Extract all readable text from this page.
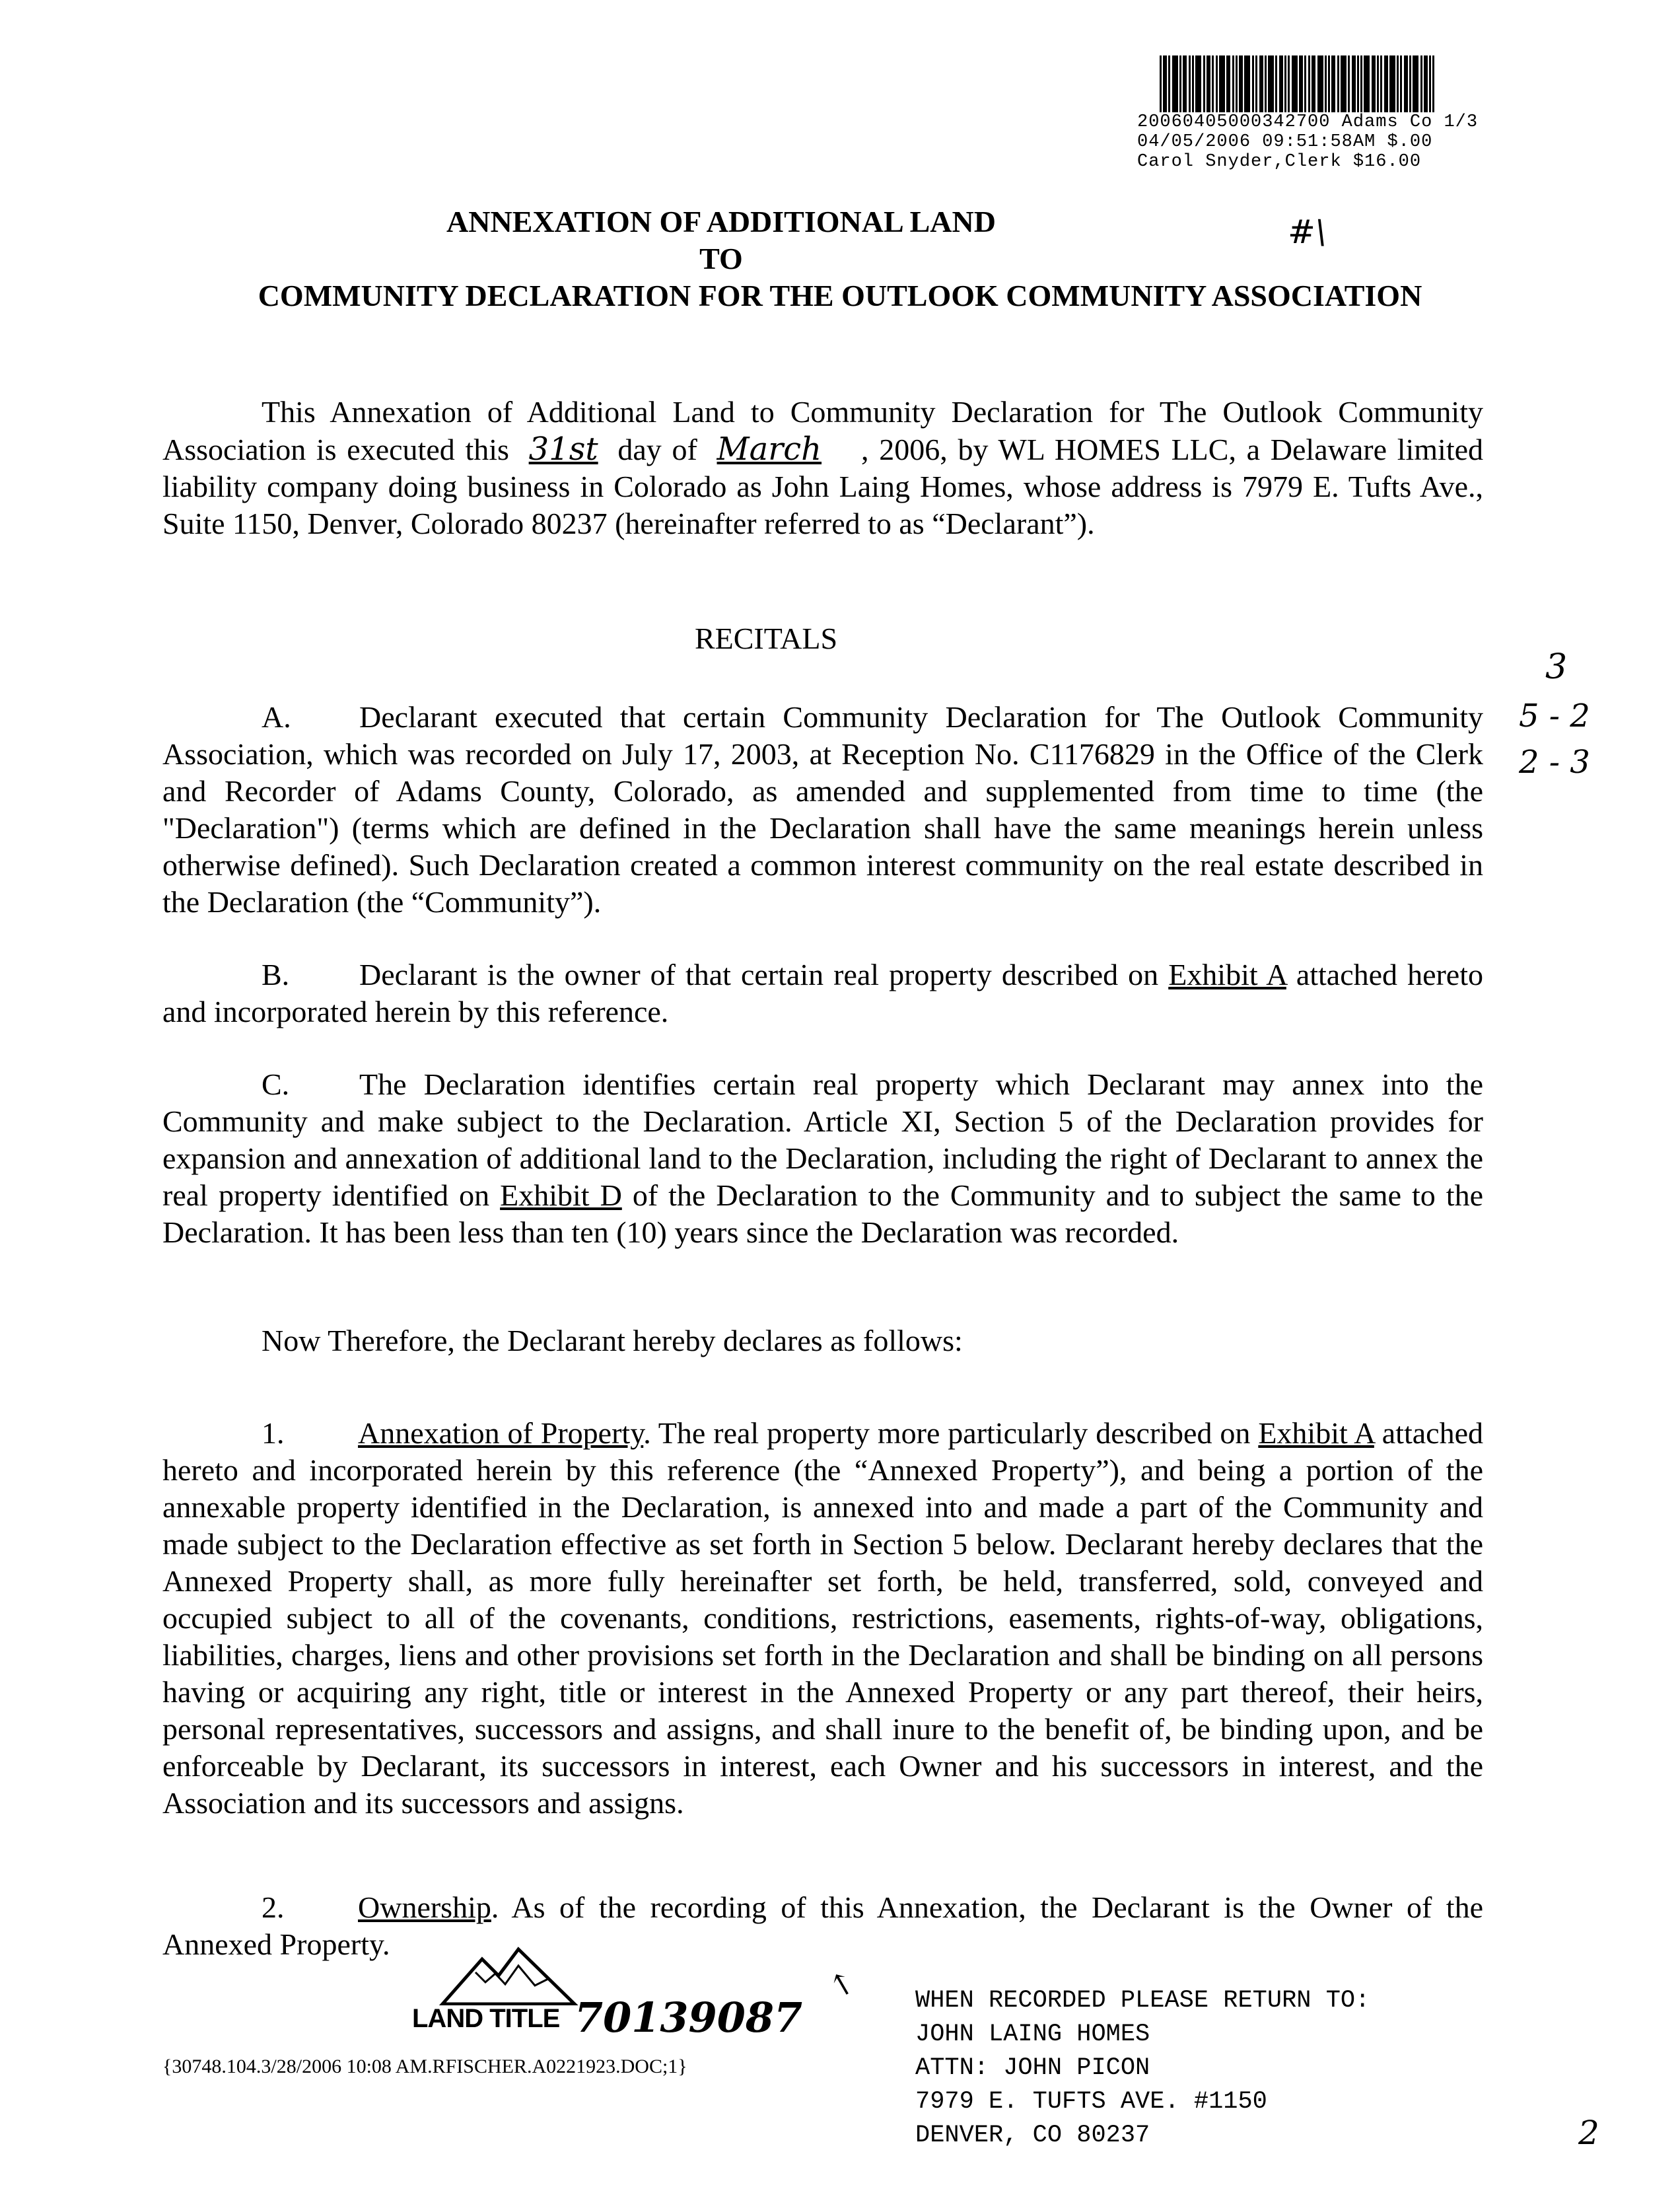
20060405000342700 Adams Co 1/3
04/05/2006 09:51:58AM $.00
Carol Snyder,Clerk $16.00
ANNEXATION OF ADDITIONAL LAND
TO
COMMUNITY DECLARATION FOR THE OUTLOOK COMMUNITY ASSOCIATION
#\
This Annexation of Additional Land to Community Declaration for The Outlook Community Association is executed this 31st day of March , 2006, by WL HOMES LLC, a Delaware limited liability company doing business in Colorado as John Laing Homes, whose address is 7979 E. Tufts Ave., Suite 1150, Denver, Colorado 80237 (hereinafter referred to as “Declarant”).
RECITALS
3
5 - 2
2 - 3
A. Declarant executed that certain Community Declaration for The Outlook Community Association, which was recorded on July 17, 2003, at Reception No. C1176829 in the Office of the Clerk and Recorder of Adams County, Colorado, as amended and supplemented from time to time (the "Declaration") (terms which are defined in the Declaration shall have the same meanings herein unless otherwise defined). Such Declaration created a common interest community on the real estate described in the Declaration (the “Community”).
B. Declarant is the owner of that certain real property described on Exhibit A attached hereto and incorporated herein by this reference.
C. The Declaration identifies certain real property which Declarant may annex into the Community and make subject to the Declaration. Article XI, Section 5 of the Declaration provides for expansion and annexation of additional land to the Declaration, including the right of Declarant to annex the real property identified on Exhibit D of the Declaration to the Community and to subject the same to the Declaration. It has been less than ten (10) years since the Declaration was recorded.
Now Therefore, the Declarant hereby declares as follows:
1. Annexation of Property. The real property more particularly described on Exhibit A attached hereto and incorporated herein by this reference (the “Annexed Property”), and being a portion of the annexable property identified in the Declaration, is annexed into and made a part of the Community and made subject to the Declaration effective as set forth in Section 5 below. Declarant hereby declares that the Annexed Property shall, as more fully hereinafter set forth, be held, transferred, sold, conveyed and occupied subject to all of the covenants, conditions, restrictions, easements, rights-of-way, obligations, liabilities, charges, liens and other provisions set forth in the Declaration and shall be binding on all persons having or acquiring any right, title or interest in the Annexed Property or any part thereof, their heirs, personal representatives, successors and assigns, and shall inure to the benefit of, be binding upon, and be enforceable by Declarant, its successors in interest, each Owner and his successors in interest, and the Association and its successors and assigns.
2. Ownership. As of the recording of this Annexation, the Declarant is the Owner of the Annexed Property.
LAND TITLE 70139087
↑
{30748.104.3/28/2006 10:08 AM.RFISCHER.A0221923.DOC;1}
WHEN RECORDED PLEASE RETURN TO:
JOHN LAING HOMES
ATTN: JOHN PICON
7979 E. TUFTS AVE. #1150
DENVER, CO 80237	2
